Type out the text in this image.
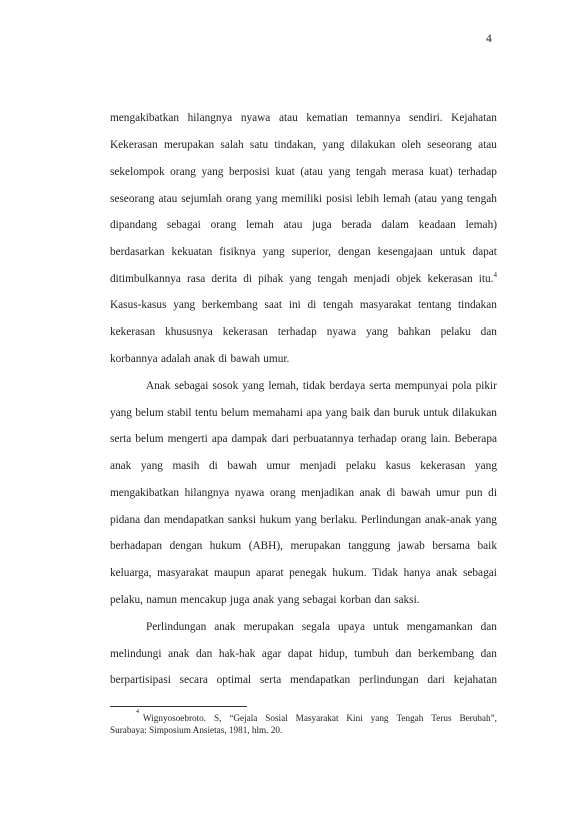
4
mengakibatkan hilangnya nyawa atau kematian temannya sendiri. Kejahatan
Kekerasan merupakan salah satu tindakan, yang dilakukan oleh seseorang atau
sekelompok orang yang berposisi kuat (atau yang tengah merasa kuat) terhadap
seseorang atau sejumlah orang yang memiliki posisi lebih lemah (atau yang tengah
dipandang sebagai orang lemah atau juga berada dalam keadaan lemah)
berdasarkan kekuatan fisiknya yang superior, dengan kesengajaan untuk dapat
ditimbulkannya rasa derita di pihak yang tengah menjadi objek kekerasan itu.$^4$
Kasus-kasus yang berkembang saat ini di tengah masyarakat tentang tindakan
kekerasan khususnya kekerasan terhadap nyawa yang bahkan pelaku dan
korbannya adalah anak di bawah umur.
Anak sebagai sosok yang lemah, tidak berdaya serta mempunyai pola pikir
yang belum stabil tentu belum memahami apa yang baik dan buruk untuk dilakukan
serta belum mengerti apa dampak dari perbuatannya terhadap orang lain. Beberapa
anak yang masih di bawah umur menjadi pelaku kasus kekerasan yang
mengakibatkan hilangnya nyawa orang menjadikan anak di bawah umur pun di
pidana dan mendapatkan sanksi hukum yang berlaku. Perlindungan anak-anak yang
berhadapan dengan hukum (ABH), merupakan tanggung jawab bersama baik
keluarga, masyarakat maupun aparat penegak hukum. Tidak hanya anak sebagai
pelaku, namun mencakup juga anak yang sebagai korban dan saksi.
Perlindungan anak merupakan segala upaya untuk mengamankan dan
melindungi anak dan hak-hak agar dapat hidup, tumbuh dan berkembang dan
berpartisipasi secara optimal serta mendapatkan perlindungan dari kejahatan
4
Wignyosoebroto. S, “Gejala Sosial Masyarakat Kini yang Tengah Terus Berubah”,
Surabaya: Simposium Ansietas, 1981, hlm. 20.
